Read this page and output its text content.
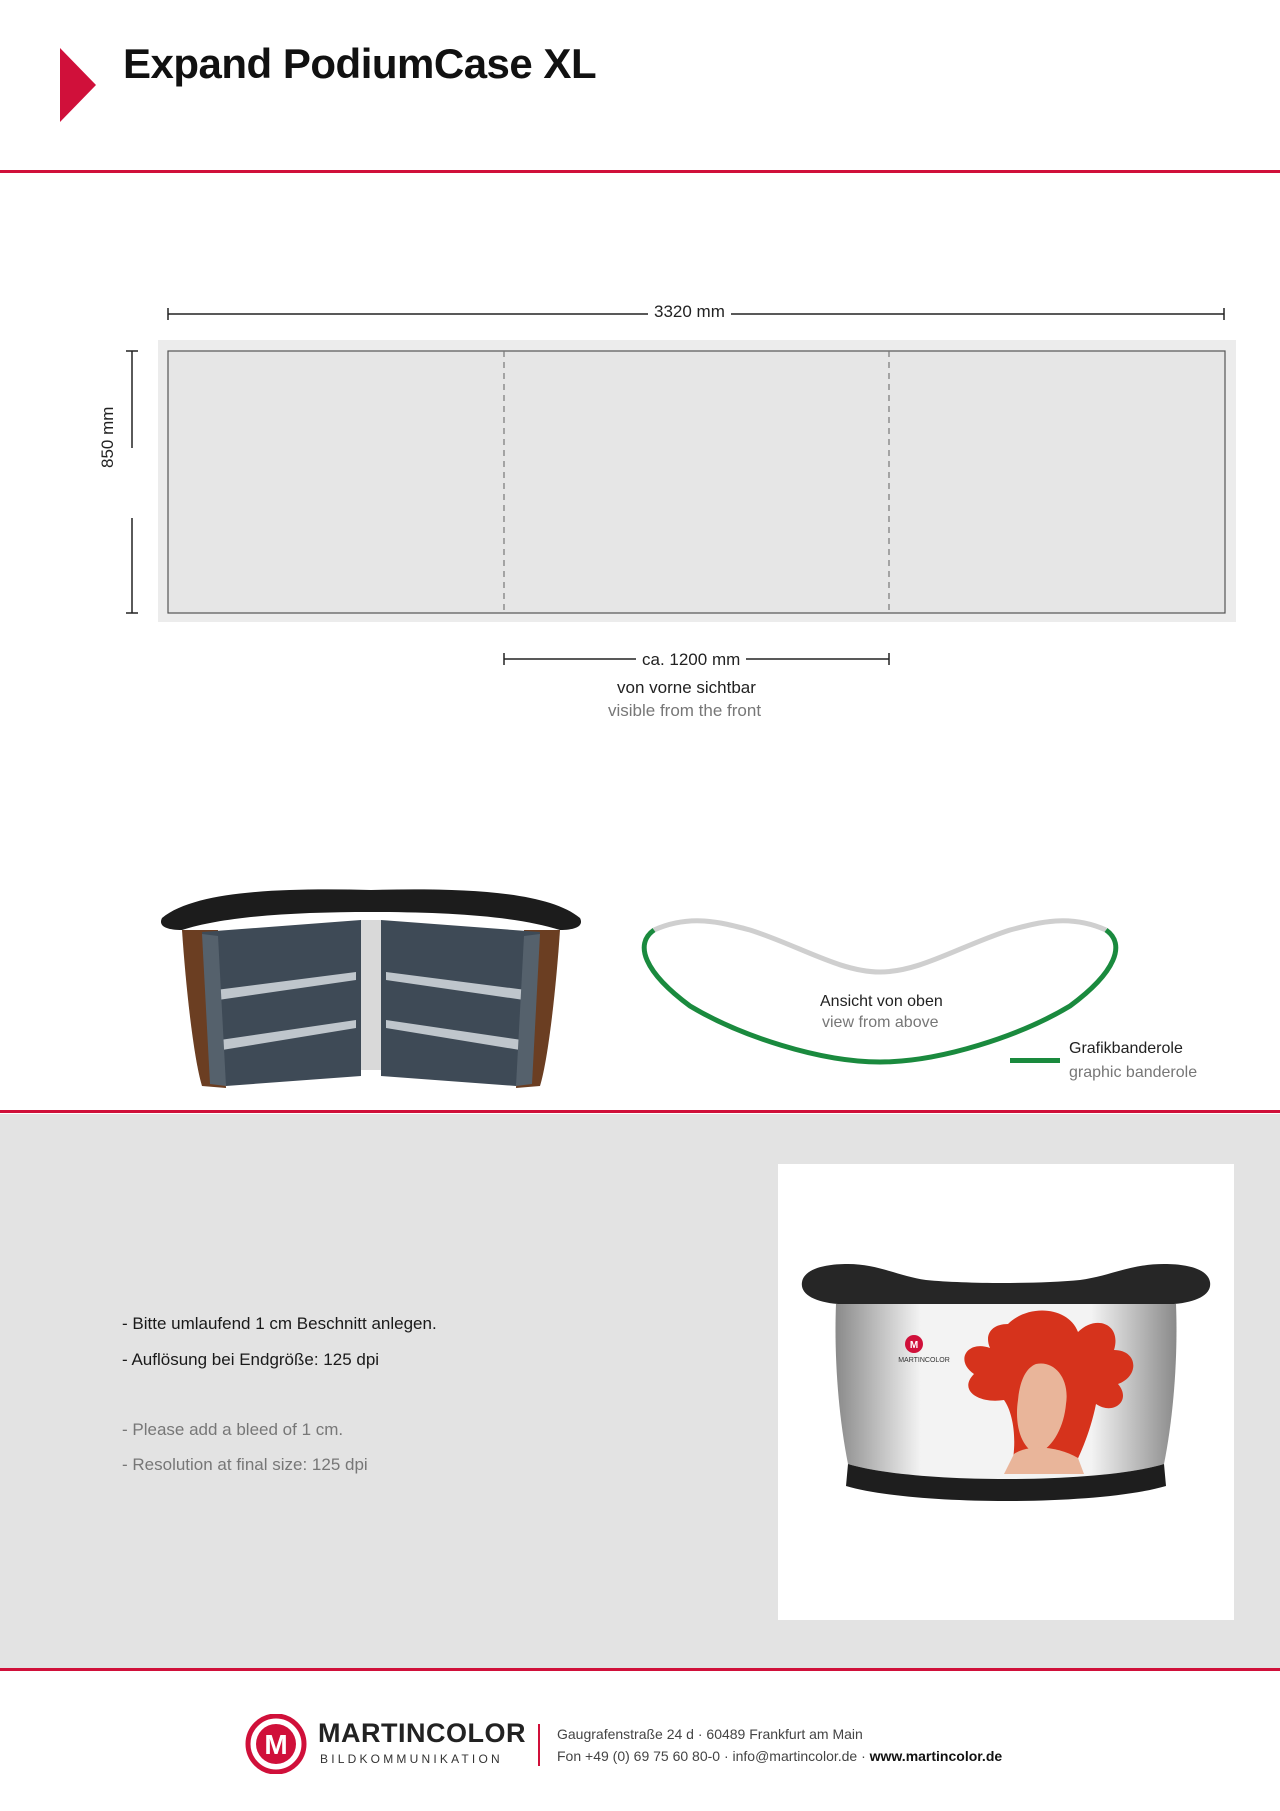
Expand PodiumCase XL
3320 mm
850 mm
ca. 1200 mm
von vorne sichtbar
visible from the front
Ansicht von oben
view from above
Grafikbanderole
graphic banderole
- Bitte umlaufend 1 cm Beschnitt anlegen.
- Auflösung bei Endgröße: 125 dpi
- Please add a bleed of 1 cm.
- Resolution at final size: 125 dpi
M
MARTINCOLOR
M MARTINCOLOR
BILDKOMMUNIKATION
Gaugrafenstraße 24 d · 60489 Frankfurt am Main
Fon +49 (0) 69 75 60 80-0 · info@martincolor.de · www.martincolor.de
